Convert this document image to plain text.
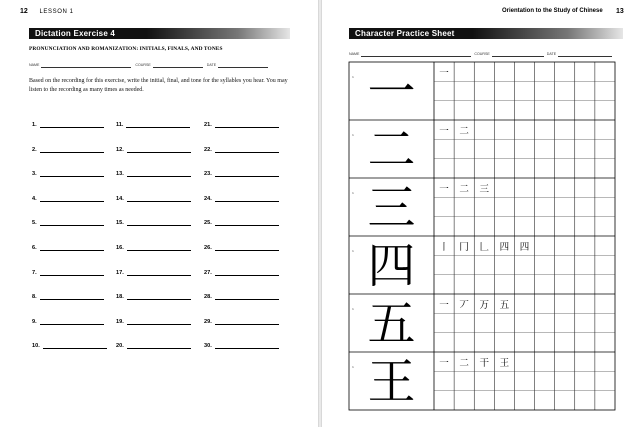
12 LESSON 1
Dictation Exercise 4
PRONUNCIATION AND ROMANIZATION: INITIALS, FINALS, AND TONES
NAME	COURSE	DATE
Based on the recording for this exercise, write the initial, final, and tone for the syllables you hear. You may listen to the recording as many times as needed.
1.
2.
3.
4.
5.
6.
7.
8.
9.
10.
11.
12.
13.
14.
15.
16.
17.
18.
19.
20.
21.
22.
23.
24.
25.
26.
27.
28.
29.
30.
Orientation to the Study of Chinese 13
Character Practice Sheet
NAME	COURSE	DATE
一
1	一
二
1	一 二
三
1	一 二 三
四
1	丨 冂 𠃊 四 四
五
1	一 丆 万 五
王
1	一 二 干 王
